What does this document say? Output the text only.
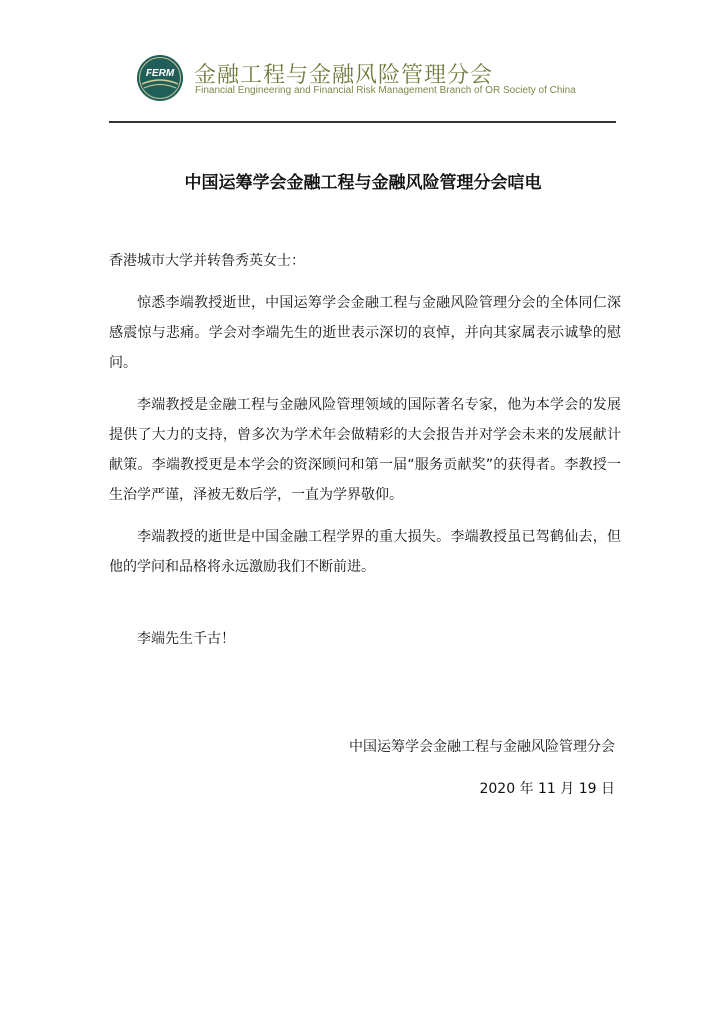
FERM 金融工程与金融风险管理分会
Financial Engineering and Financial Risk Management Branch of OR Society of China
中国运筹学会金融工程与金融风险管理分会唁电

香港城市大学并转鲁秀英女士：

惊悉李端教授逝世，中国运筹学会金融工程与金融风险管理分会的全体同仁深感震惊与悲痛。学会对李端先生的逝世表示深切的哀悼，并向其家属表示诚挚的慰问。

李端教授是金融工程与金融风险管理领域的国际著名专家，他为本学会的发展提供了大力的支持，曾多次为学术年会做精彩的大会报告并对学会未来的发展献计献策。李端教授更是本学会的资深顾问和第一届“服务贡献奖”的获得者。李教授一生治学严谨，泽被无数后学，一直为学界敬仰。

李端教授的逝世是中国金融工程学界的重大损失。李端教授虽已驾鹤仙去，但他的学问和品格将永远激励我们不断前进。

李端先生千古！

中国运筹学会金融工程与金融风险管理分会
2020 年 11 月 19 日
